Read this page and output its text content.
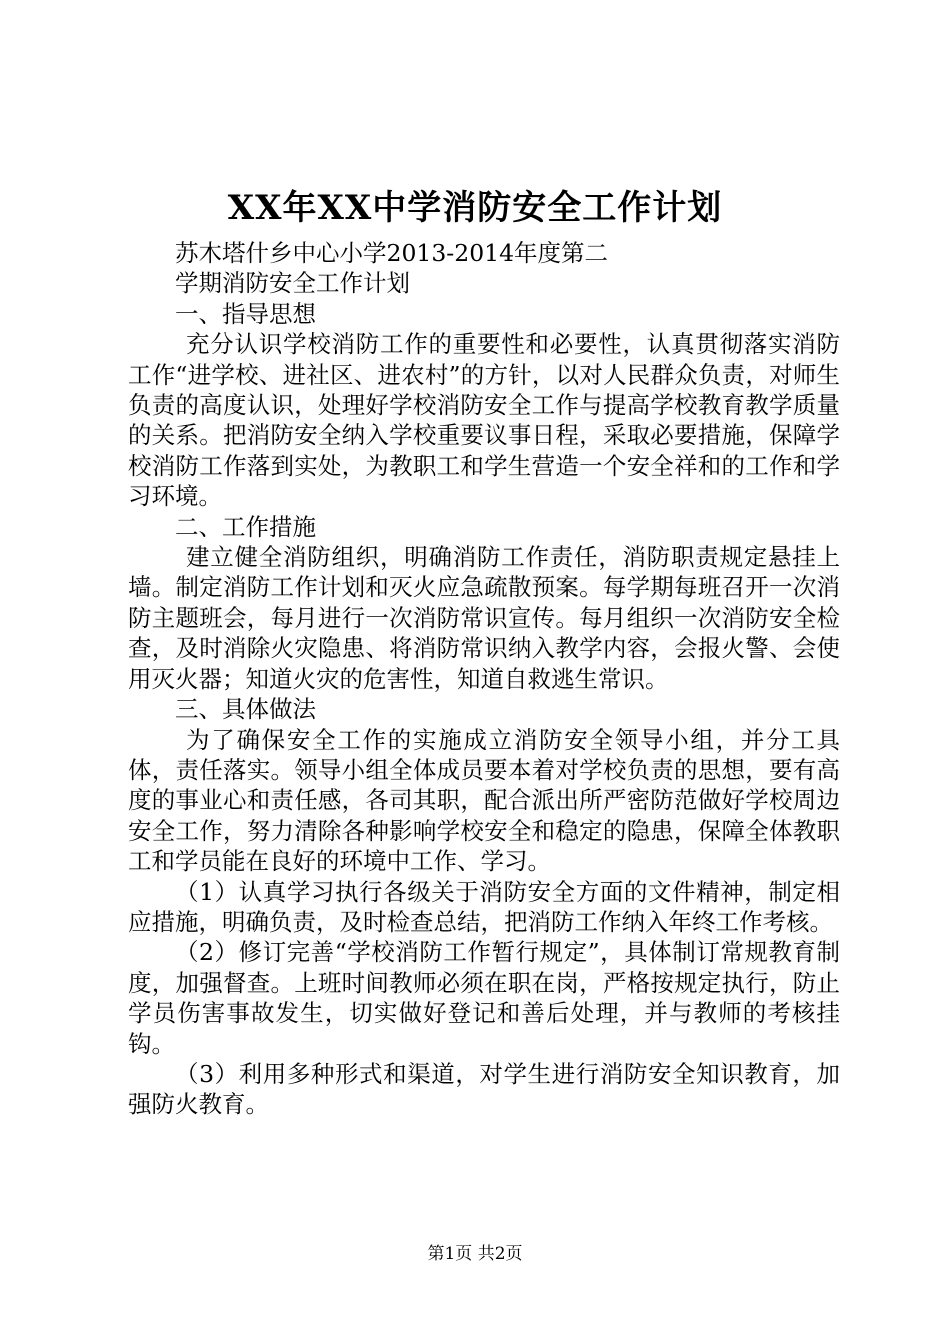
XX年XX中学消防安全工作计划

苏木塔什乡中心小学2013-2014年度第二

学期消防安全工作计划

一、指导思想

充分认识学校消防工作的重要性和必要性，认真贯彻落实消防工作“进学校、进社区、进农村”的方针，以对人民群众负责，对师生负责的高度认识，处理好学校消防安全工作与提高学校教育教学质量的关系。把消防安全纳入学校重要议事日程，采取必要措施，保障学校消防工作落到实处，为教职工和学生营造一个安全祥和的工作和学习环境。

二、工作措施

建立健全消防组织，明确消防工作责任，消防职责规定悬挂上墙。制定消防工作计划和灭火应急疏散预案。每学期每班召开一次消防主题班会，每月进行一次消防常识宣传。每月组织一次消防安全检查，及时消除火灾隐患、将消防常识纳入教学内容，会报火警、会使用灭火器；知道火灾的危害性，知道自救逃生常识。

三、具体做法

为了确保安全工作的实施成立消防安全领导小组，并分工具体，责任落实。领导小组全体成员要本着对学校负责的思想，要有高度的事业心和责任感，各司其职，配合派出所严密防范做好学校周边安全工作，努力清除各种影响学校安全和稳定的隐患，保障全体教职工和学员能在良好的环境中工作、学习。

（1）认真学习执行各级关于消防安全方面的文件精神，制定相应措施，明确负责，及时检查总结，把消防工作纳入年终工作考核。

（2）修订完善“学校消防工作暂行规定”，具体制订常规教育制度，加强督查。上班时间教师必须在职在岗，严格按规定执行，防止学员伤害事故发生，切实做好登记和善后处理，并与教师的考核挂钩。

（3）利用多种形式和渠道，对学生进行消防安全知识教育，加强防火教育。

第1页 共2页
